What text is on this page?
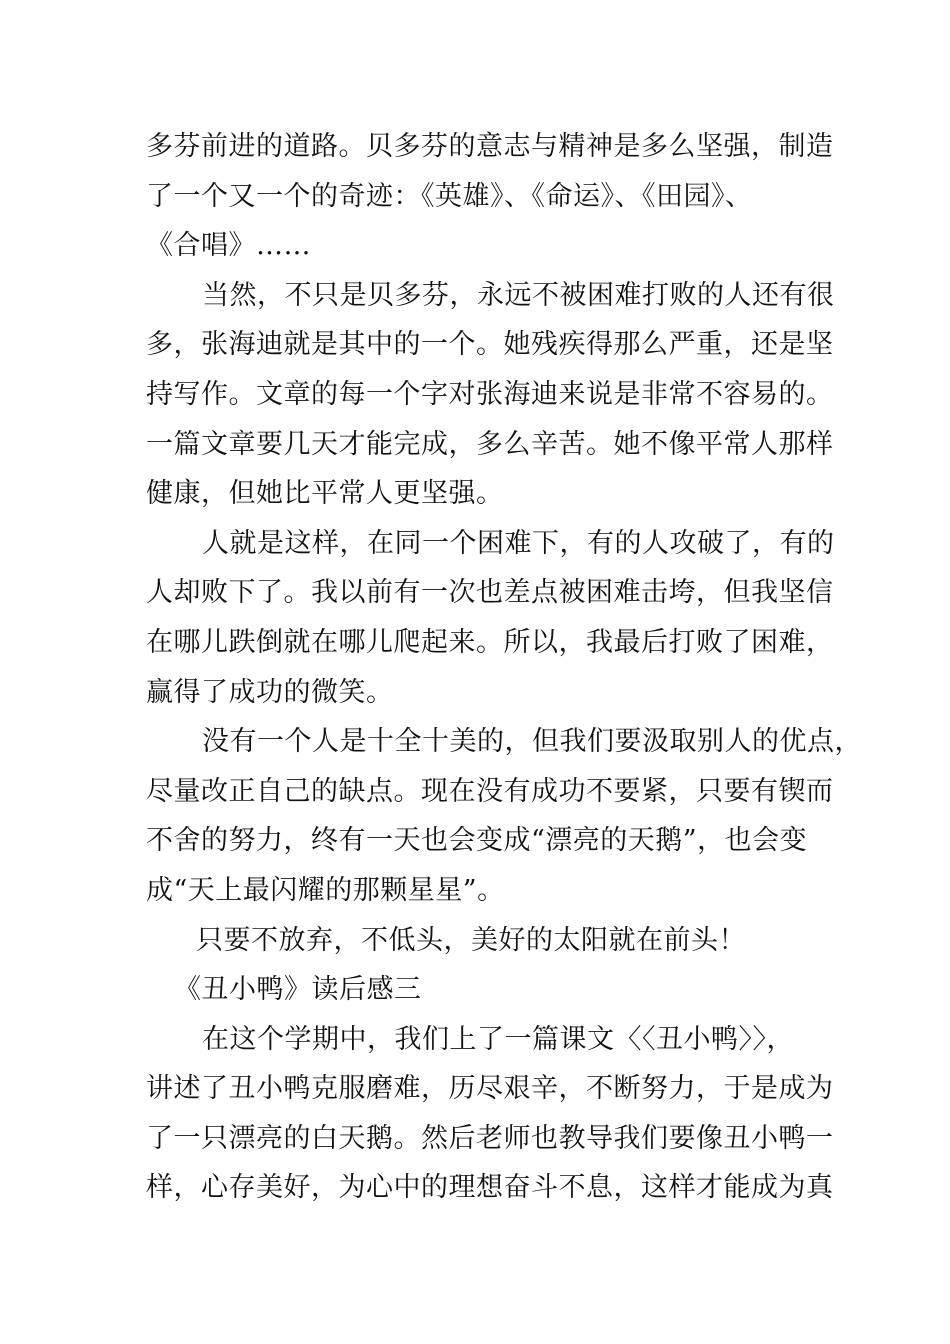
多芬前进的道路。贝多芬的意志与精神是多么坚强，制造
了一个又一个的奇迹：《英雄》、《命运》、《田园》、
《合唱》……
当然，不只是贝多芬，永远不被困难打败的人还有很
多，张海迪就是其中的一个。她残疾得那么严重，还是坚
持写作。文章的每一个字对张海迪来说是非常不容易的。
一篇文章要几天才能完成，多么辛苦。她不像平常人那样
健康，但她比平常人更坚强。
人就是这样，在同一个困难下，有的人攻破了，有的
人却败下了。我以前有一次也差点被困难击垮，但我坚信
在哪儿跌倒就在哪儿爬起来。所以，我最后打败了困难，
赢得了成功的微笑。
没有一个人是十全十美的，但我们要汲取别人的优点，
尽量改正自己的缺点。现在没有成功不要紧，只要有锲而
不舍的努力，终有一天也会变成“漂亮的天鹅”，也会变
成“天上最闪耀的那颗星星”。
只要不放弃，不低头，美好的太阳就在前头！
《丑小鸭》读后感三
在这个学期中，我们上了一篇课文〈〈丑小鸭〉〉，
讲述了丑小鸭克服磨难，历尽艰辛，不断努力，于是成为
了一只漂亮的白天鹅。然后老师也教导我们要像丑小鸭一
样，心存美好，为心中的理想奋斗不息，这样才能成为真
